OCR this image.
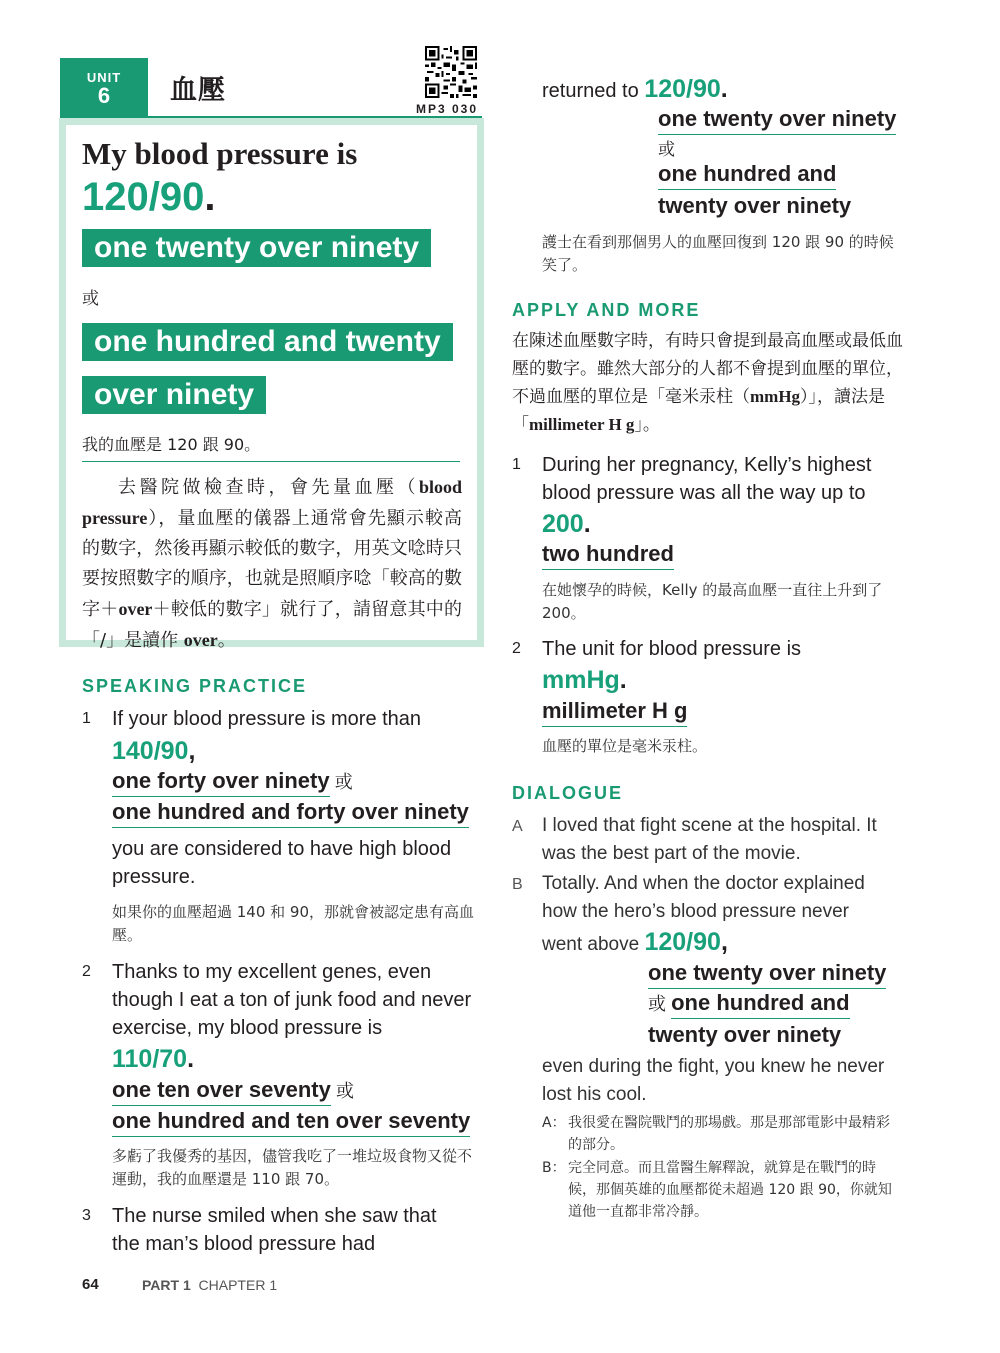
UNIT
6	血壓
MP3 030
My blood pressure is
120/90.
one twenty over ninety
或
one hundred and twenty
over ninety
我的血壓是 120 跟 90。
去醫院做檢查時，會先量血壓（blood pressure），量血壓的儀器上通常會先顯示較高的數字，然後再顯示較低的數字，用英文唸時只要按照數字的順序，也就是照順序唸「較高的數字＋over＋較低的數字」就行了，請留意其中的「/」是讀作 over。
SPEAKING PRACTICE
1 If your blood pressure is more than
140/90,
one forty over ninety 或
one hundred and forty over ninety
you are considered to have high blood pressure.
如果你的血壓超過 140 和 90，那就會被認定患有高血壓。
2 Thanks to my excellent genes, even though I eat a ton of junk food and never exercise, my blood pressure is
110/70.
one ten over seventy 或
one hundred and ten over seventy
多虧了我優秀的基因，儘管我吃了一堆垃圾食物又從不運動，我的血壓還是 110 跟 70。
3 The nurse smiled when she saw that the man’s blood pressure had
returned to 120/90.
one twenty over ninety
或
one hundred and
twenty over ninety
護士在看到那個男人的血壓回復到 120 跟 90 的時候笑了。
APPLY AND MORE
在陳述血壓數字時，有時只會提到最高血壓或最低血壓的數字。雖然大部分的人都不會提到血壓的單位，不過血壓的單位是「毫米汞柱（mmHg）」，讀法是「millimeter H g」。
1 During her pregnancy, Kelly’s highest blood pressure was all the way up to
200.
two hundred
在她懷孕的時候，Kelly 的最高血壓一直往上升到了 200。
2 The unit for blood pressure is
mmHg.
millimeter H g
血壓的單位是毫米汞柱。
DIALOGUE
A I loved that fight scene at the hospital. It was the best part of the movie.
B Totally. And when the doctor explained how the hero’s blood pressure never
went above 120/90,
one twenty over ninety
或 one hundred and
twenty over ninety
even during the fight, you knew he never lost his cool.
A： 我很愛在醫院戰鬥的那場戲。那是那部電影中最精彩的部分。
B： 完全同意。而且當醫生解釋說，就算是在戰鬥的時候，那個英雄的血壓都從未超過 120 跟 90，你就知道他一直都非常冷靜。
64	PART 1 CHAPTER 1
